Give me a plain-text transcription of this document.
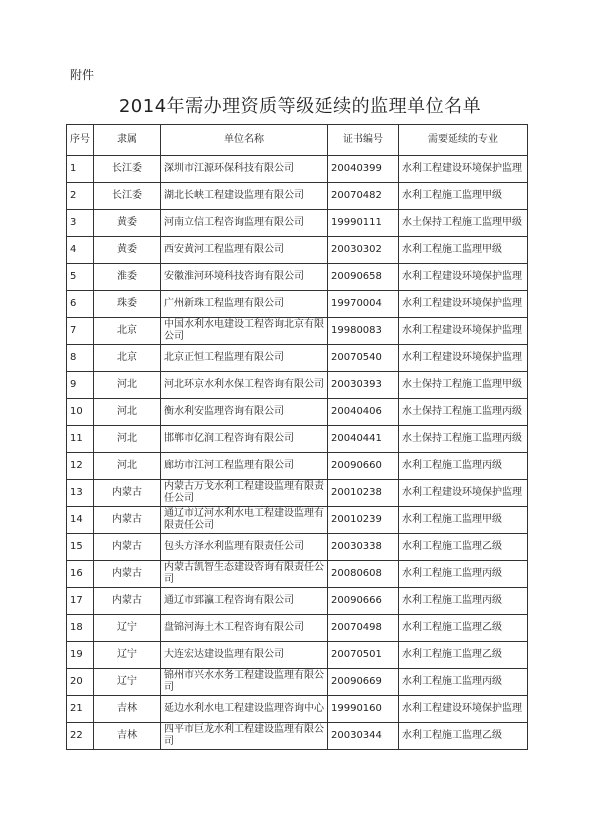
附件
2014年需办理资质等级延续的监理单位名单
序号	隶属	单位名称	证书编号	需要延续的专业
1	长江委	深圳市江源环保科技有限公司	20040399	水利工程建设环境保护监理
2	长江委	湖北长峡工程建设监理有限公司	20070482	水利工程施工监理甲级
3	黄委	河南立信工程咨询监理有限公司	19990111	水土保持工程施工监理甲级
4	黄委	西安黄河工程监理有限公司	20030302	水利工程施工监理甲级
5	淮委	安徽淮河环境科技咨询有限公司	20090658	水利工程建设环境保护监理
6	珠委	广州新珠工程监理有限公司	19970004	水利工程建设环境保护监理
7	北京	中国水利水电建设工程咨询北京有限公司	19980083	水利工程建设环境保护监理
8	北京	北京正恒工程监理有限公司	20070540	水利工程建设环境保护监理
9	河北	河北环京水利水保工程咨询有限公司	20030393	水土保持工程施工监理甲级
10	河北	衡水利安监理咨询有限公司	20040406	水土保持工程施工监理丙级
11	河北	邯郸市亿润工程咨询有限公司	20040441	水土保持工程施工监理丙级
12	河北	廊坊市江河工程监理有限公司	20090660	水利工程施工监理丙级
13	内蒙古	内蒙古万戈水利工程建设监理有限责任公司	20010238	水利工程建设环境保护监理
14	内蒙古	通辽市辽河水利水电工程建设监理有限责任公司	20010239	水利工程施工监理甲级
15	内蒙古	包头方泽水利监理有限责任公司	20030338	水利工程施工监理乙级
16	内蒙古	内蒙古凯智生态建设咨询有限责任公司	20080608	水利工程施工监理丙级
17	内蒙古	通辽市郅瀛工程咨询有限公司	20090666	水利工程施工监理丙级
18	辽宁	盘锦河海土木工程咨询有限公司	20070498	水利工程施工监理乙级
19	辽宁	大连宏达建设监理有限公司	20070501	水利工程施工监理乙级
20	辽宁	锦州市兴水水务工程建设监理有限公司	20090669	水利工程施工监理丙级
21	吉林	延边水利水电工程建设监理咨询中心	19990160	水利工程建设环境保护监理
22	吉林	四平市巨龙水利工程建设监理有限公司	20030344	水利工程施工监理乙级
